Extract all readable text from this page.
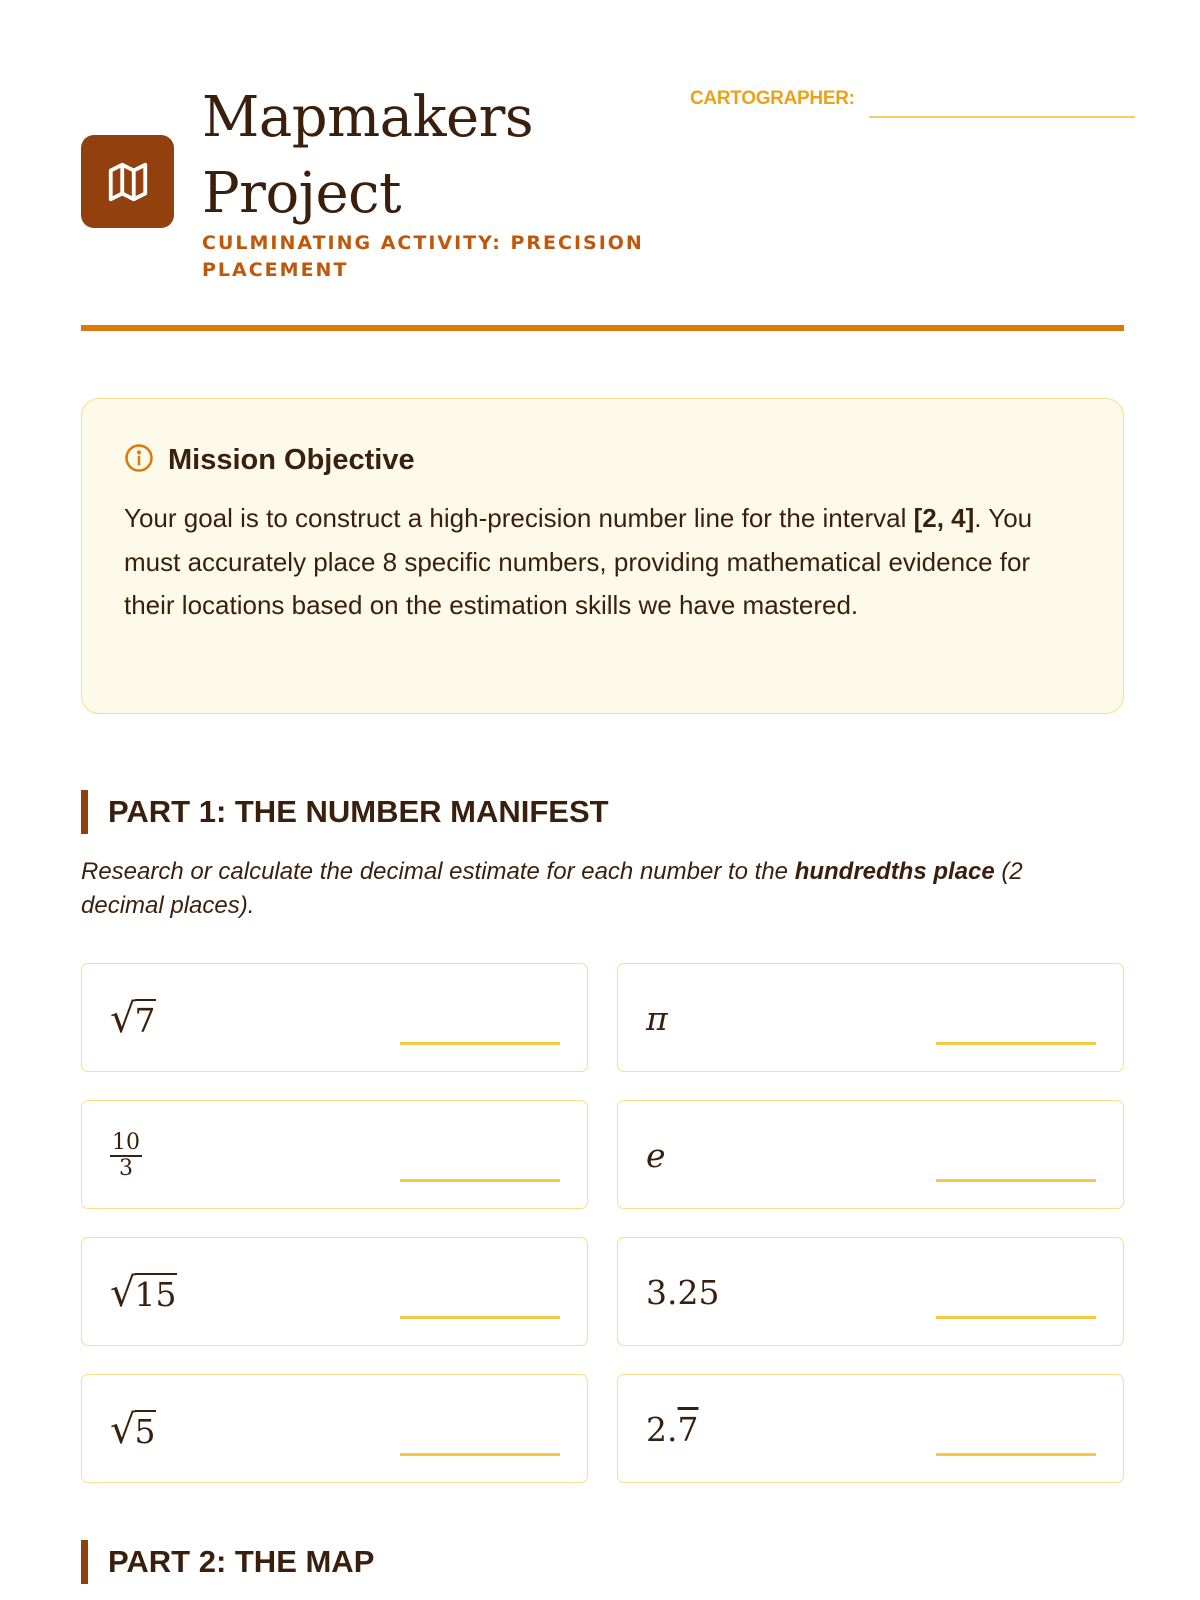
Mapmakers
Project
CULMINATING ACTIVITY: PRECISION PLACEMENT
CARTOGRAPHER:
Mission Objective
Your goal is to construct a high-precision number line for the interval [2, 4]. You must accurately place 8 specific numbers, providing mathematical evidence for their locations based on the estimation skills we have mastered.
PART 1: THE NUMBER MANIFEST
Research or calculate the decimal estimate for each number to the hundredths place (2 decimal places).
√ 7	π
$\frac{10}{3}$	e
√ 15	3.25
√ 5	2. 7
PART 2: THE MAP
